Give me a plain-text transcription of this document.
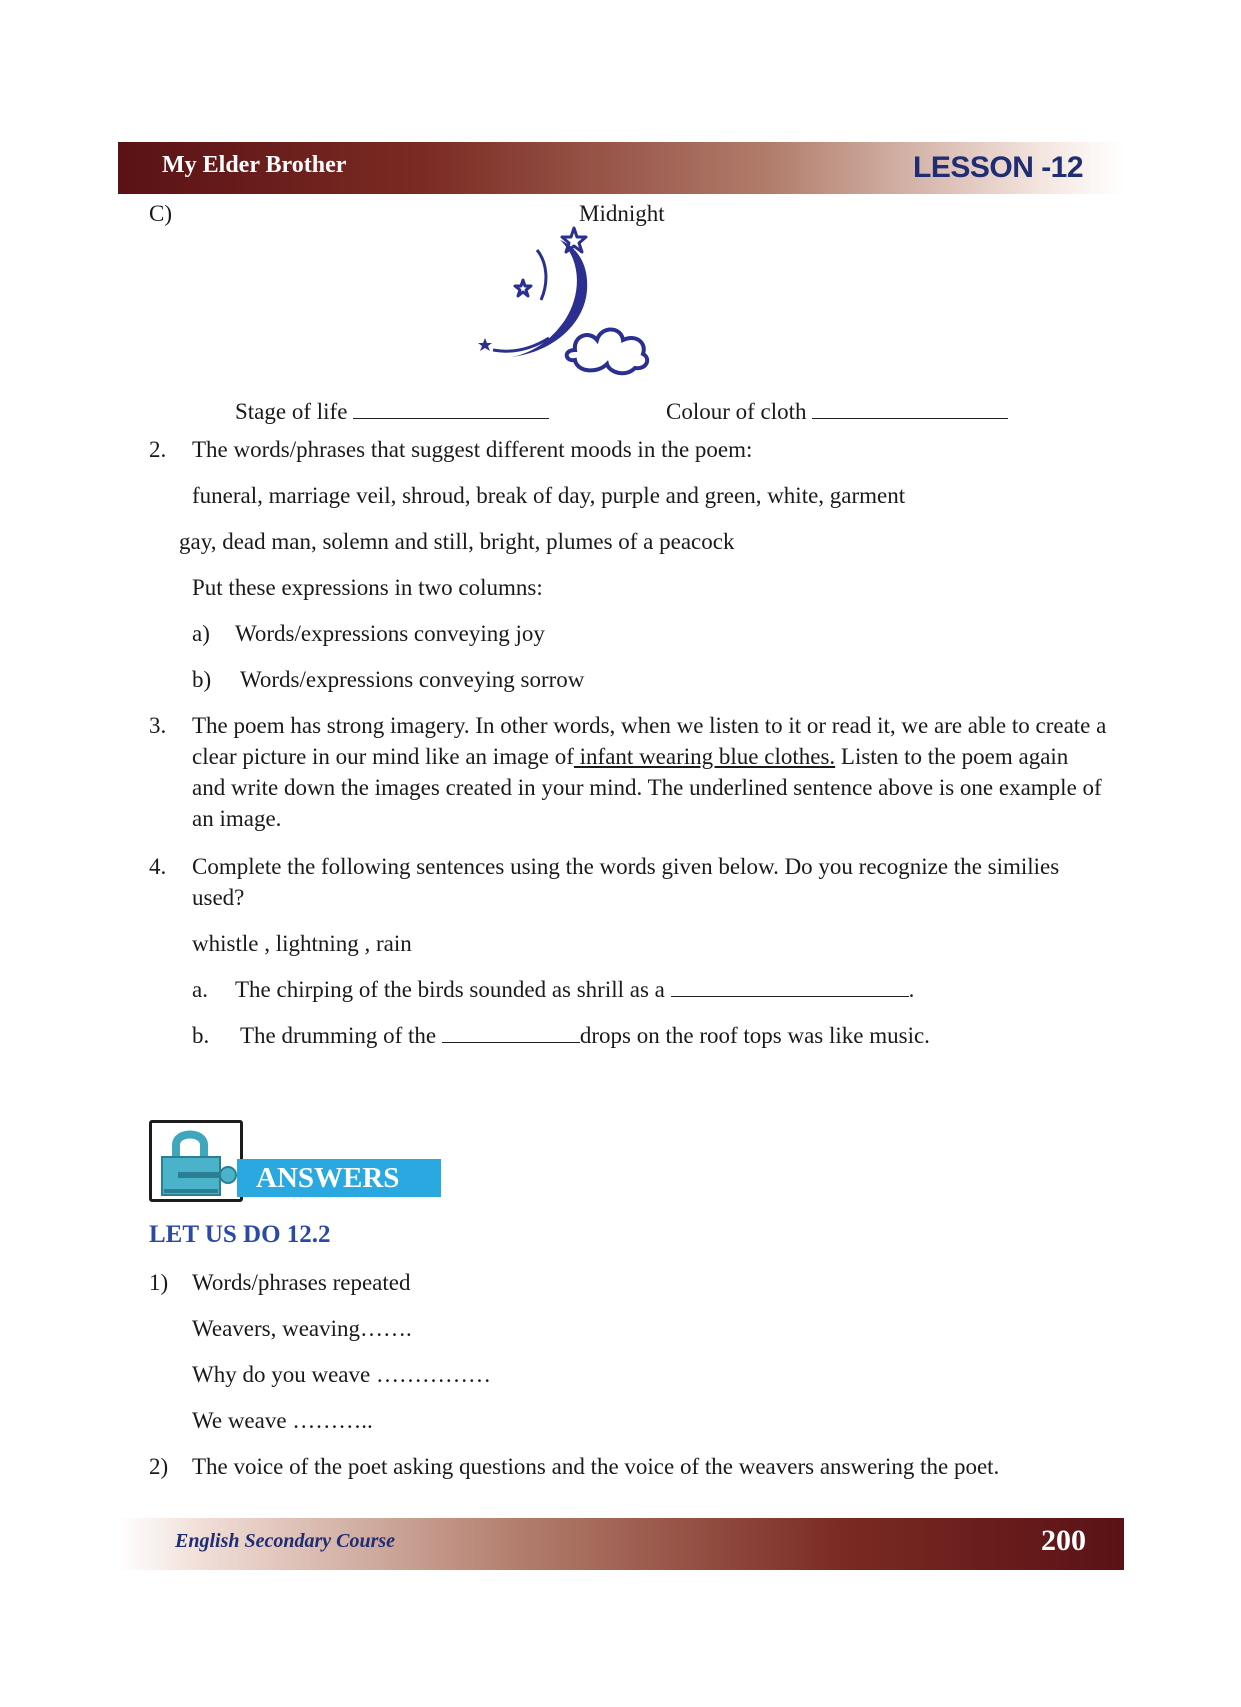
My Elder Brother	LESSON -12
C)	Midnight
Stage of life	Colour of cloth
2. The words/phrases that suggest different moods in the poem:
funeral, marriage veil, shroud, break of day, purple and green, white, garment
gay, dead man, solemn and still, bright, plumes of a peacock
Put these expressions in two columns:
a) Words/expressions conveying joy
b) Words/expressions conveying sorrow
3. The poem has strong imagery. In other words, when we listen to it or read it, we are able to create a clear picture in our mind like an image of infant wearing blue clothes. Listen to the poem again and write down the images created in your mind. The underlined sentence above is one example of an image.
4. Complete the following sentences using the words given below. Do you recognize the similies used?
whistle , lightning , rain
a. The chirping of the birds sounded as shrill as a	.
b. The drumming of the	drops on the roof tops was like music.
ANSWERS
LET US DO 12.2
1) Words/phrases repeated
Weavers, weaving…….
Why do you weave ……………
We weave ………..
2) The voice of the poet asking questions and the voice of the weavers answering the poet.
English Secondary Course	200
